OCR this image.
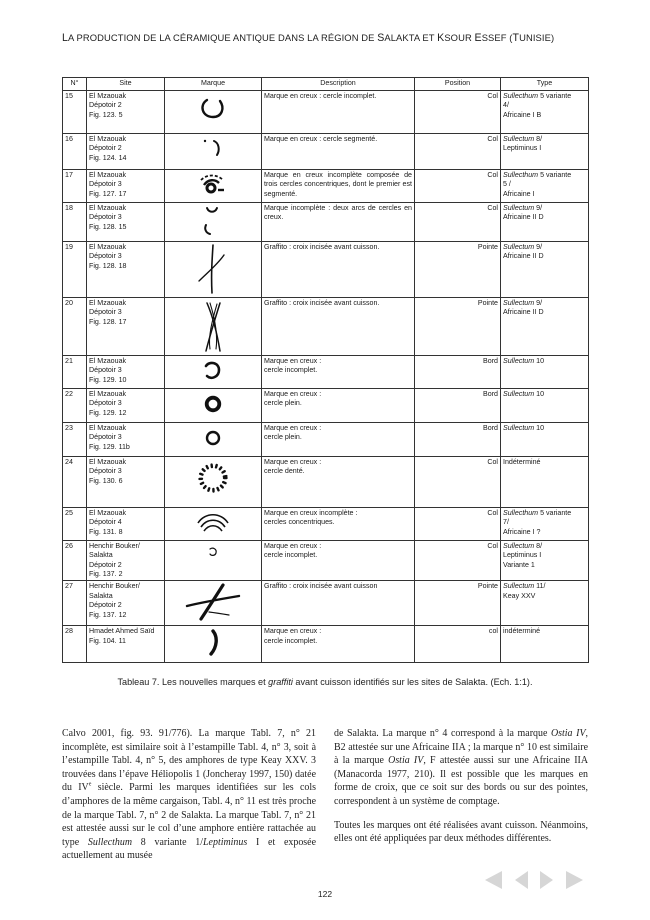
LA PRODUCTION DE LA CÉRAMIQUE ANTIQUE DANS LA RÉGION DE SALAKTA ET KSOUR ESSEF (TUNISIE)
N°	Site	Marque	Description	Position	Type
15	El Mzaouak
Dépotoir 2
Fig. 123. 5		Marque en creux : cercle incomplet.	Col	Sullecthum 5 variante
4/
Africaine I B

16	El Mzaouak
Dépotoir 2
Fig. 124. 14		Marque en creux : cercle segmenté.	Col	Sullectum 8/
Leptiminus I

17	El Mzaouak
Dépotoir 3
Fig. 127. 17		Marque en creux incomplète composée de trois cercles concentriques, dont le premier est segmenté.	Col	Sullecthum 5 variante
5 /
Africaine I

18	El Mzaouak
Dépotoir 3
Fig. 128. 15		Marque incomplète : deux arcs de cercles en creux.	Col	Sullectum 9/
Africaine II D

19	El Mzaouak
Dépotoir 3
Fig. 128. 18		Graffito : croix incisée avant cuisson.	Pointe	Sullectum 9/
Africaine II D

20	El Mzaouak
Dépotoir 3
Fig. 128. 17		Graffito : croix incisée avant cuisson.	Pointe	Sullectum 9/
Africaine II D

21	El Mzaouak
Dépotoir 3
Fig. 129. 10		Marque en creux :
cercle incomplet.	Bord	Sullectum 10

22	El Mzaouak
Dépotoir 3
Fig. 129. 12		Marque en creux :
cercle plein.	Bord	Sullectum 10

23	El Mzaouak
Dépotoir 3
Fig. 129. 11b		Marque en creux :
cercle plein.	Bord	Sullectum 10

24	El Mzaouak
Dépotoir 3
Fig. 130. 6		Marque en creux :
cercle denté.	Col	Indéterminé

25	El Mzaouak
Dépotoir 4
Fig. 131. 8		Marque en creux incomplète :
cercles concentriques.	Col	Sullecthum 5 variante
7/
Africaine I ?

26	Henchir Bouker/
Salakta
Dépotoir 2
Fig. 137. 2		Marque en creux :
cercle incomplet.	Col	Sullectum 8/
Leptiminus I
Variante 1

27	Henchir Bouker/
Salakta
Dépotoir 2
Fig. 137. 12		Graffito : croix incisée avant cuisson	Pointe	Sullectum 11/
Keay XXV

28	Hmadet Ahmed Saïd
Fig. 104. 11		Marque en creux :
cercle incomplet.	col	indéterminé
Tableau 7. Les nouvelles marques et graffiti avant cuisson identifiés sur les sites de Salakta. (Ech. 1:1).

Calvo 2001, fig. 93. 91/776). La marque Tabl. 7, n° 21 incomplète, est similaire soit à l’estampille Tabl. 4, n° 3, soit à l’estampille Tabl. 4, n° 5, des amphores de type Keay XXV. 3 trouvées dans l’épave Héliopolis 1 (Joncheray 1997, 150) datée du IVe siècle. Parmi les marques identifiées sur les cols d’amphores de la même cargaison, Tabl. 4, n° 11 est très proche de la marque Tabl. 7, n° 2 de Salakta. La marque Tabl. 7, n° 21 est attestée aussi sur le col d’une amphore entière rattachée au type Sullecthum 8 variante 1/Leptiminus I et exposée actuellement au musée

de Salakta. La marque n° 4 correspond à la marque Ostia IV, B2 attestée sur une Africaine IIA ; la marque n° 10 est similaire à la marque Ostia IV, F attestée aussi sur une Africaine IIA (Manacorda 1977, 210). Il est possible que les marques en forme de croix, que ce soit sur des bords ou sur des pointes, correspondent à un système de comptage.

Toutes les marques ont été réalisées avant cuisson. Néanmoins, elles ont été appliquées par deux méthodes différentes.

122
